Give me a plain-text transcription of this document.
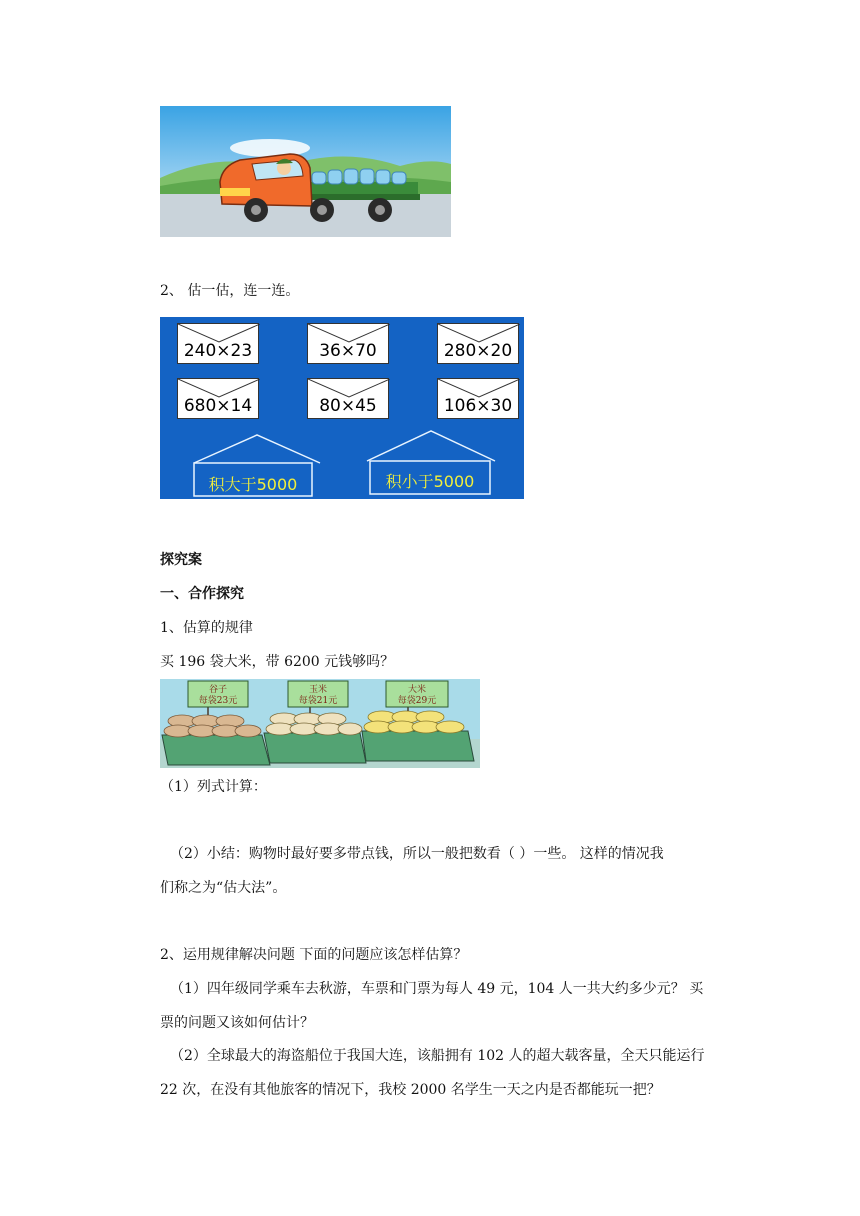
2、 估一估，连一连。
240×23	36×70	280×20
680×14	80×45	106×30
积大于5000	积小于5000
探究案
一、合作探究
1、估算的规律
买 196 袋大米，带 6200 元钱够吗？
谷子
每袋23元
玉米
每袋21元
大米
每袋29元
（1）列式计算：
（2）小结：购物时最好要多带点钱，所以一般把数看（ ）一些。 这样的情况我
们称之为“估大法”。
2、运用规律解决问题 下面的问题应该怎样估算？
（1）四年级同学乘车去秋游，车票和门票为每人 49 元，104 人一共大约多少元？ 买
票的问题又该如何估计？
（2）全球最大的海盗船位于我国大连，该船拥有 102 人的超大载客量，全天只能运行
22 次，在没有其他旅客的情况下，我校 2000 名学生一天之内是否都能玩一把？
